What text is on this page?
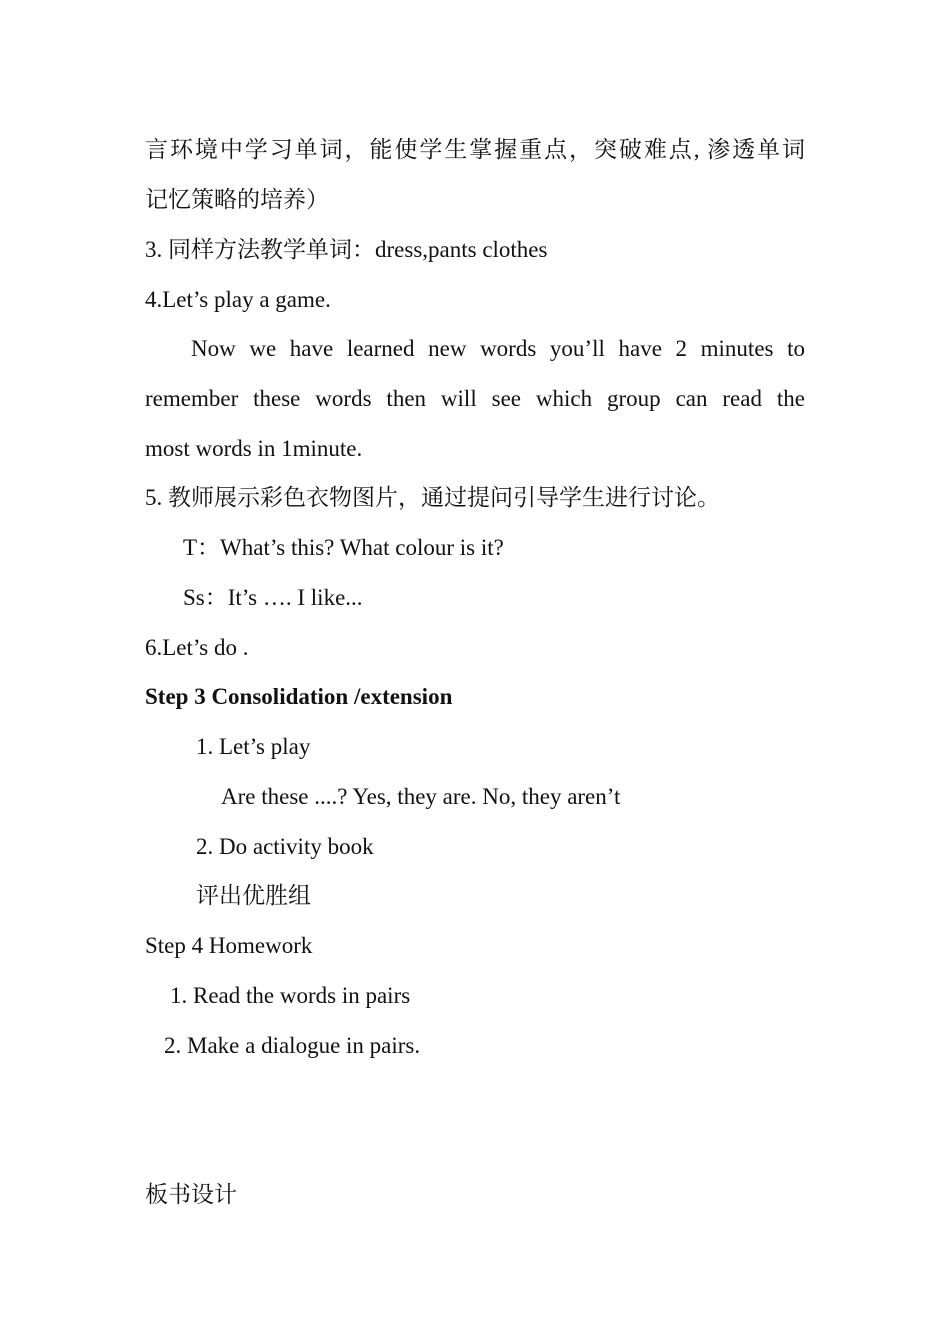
言环境中学习单词，能使学生掌握重点，突破难点, 渗透单词
记忆策略的培养）
3. 同样方法教学单词：dress,pants clothes
4.Let’s play a game.
Now we have learned new words you’ll have 2 minutes to
remember these words then will see which group can read the
most words in 1minute.
5. 教师展示彩色衣物图片，通过提问引导学生进行讨论。
T：What’s this? What colour is it?
Ss：It’s …. I like...
6.Let’s do .
Step 3 Consolidation /extension
1. Let’s play
Are these ....? Yes, they are. No, they aren’t
2. Do activity book
评出优胜组
Step 4 Homework
1. Read the words in pairs
2. Make a dialogue in pairs.
板书设计
